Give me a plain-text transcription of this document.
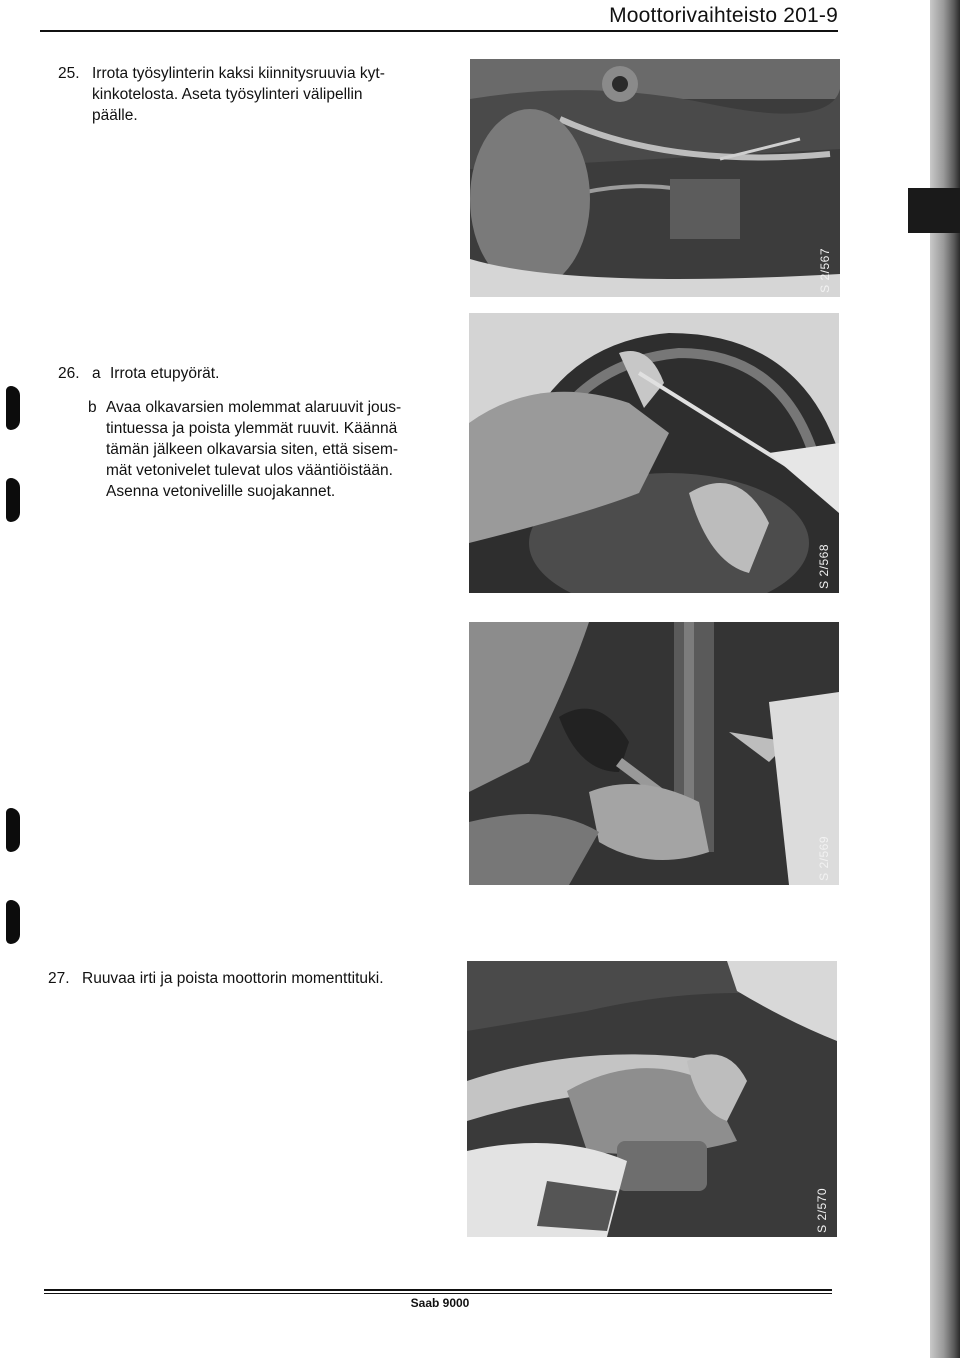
Moottorivaihteisto 201-9
25. Irrota työsylinterin kaksi kiinnitysruuvia kyt-
kinkotelosta. Aseta työsylinteri välipellin
päälle.
26. a Irrota etupyörät.
b Avaa olkavarsien molemmat alaruuvit jous-
tintuessa ja poista ylemmät ruuvit. Käännä
tämän jälkeen olkavarsia siten, että sisem-
mät vetonivelet tulevat ulos vääntiöistään.
Asenna vetonivelille suojakannet.
27. Ruuvaa irti ja poista moottorin momenttituki.
S 2/567
S 2/568
S 2/569
S 2/570
Saab 9000
